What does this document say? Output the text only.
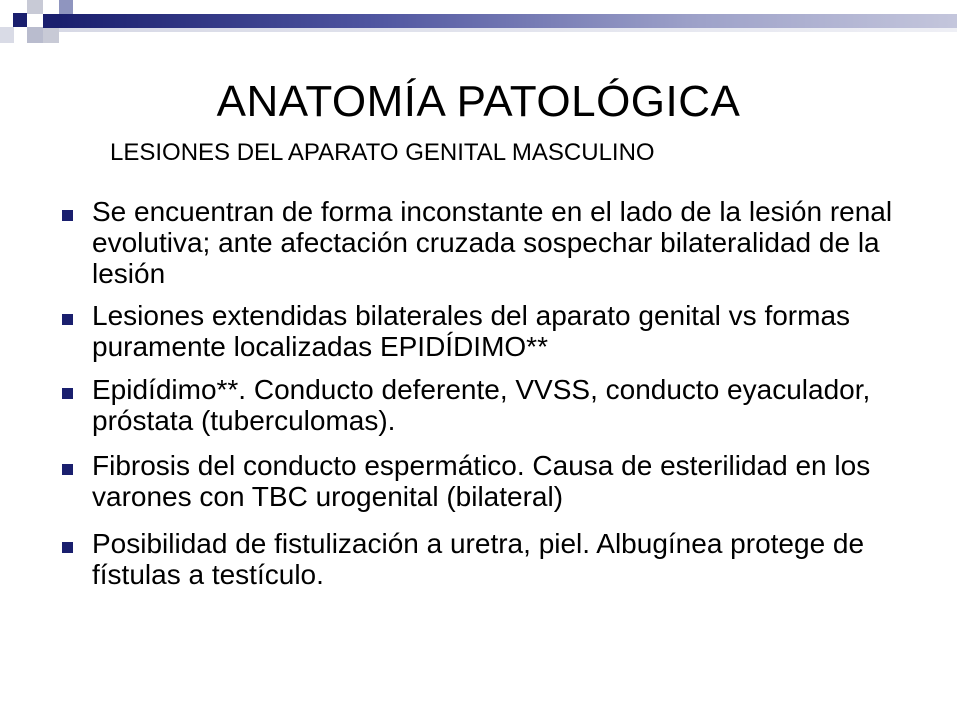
ANATOMÍA PATOLÓGICA
LESIONES DEL APARATO GENITAL MASCULINO
Se encuentran de forma inconstante en el lado de la lesión renal evolutiva; ante afectación cruzada sospechar bilateralidad de la lesión
Lesiones extendidas bilaterales del aparato genital vs formas puramente localizadas EPIDÍDIMO**
Epidídimo**. Conducto deferente, VVSS, conducto eyaculador, próstata (tuberculomas).
Fibrosis del conducto espermático. Causa de esterilidad en los varones con TBC urogenital (bilateral)
Posibilidad de fistulización a uretra, piel. Albugínea protege de fístulas a testículo.
